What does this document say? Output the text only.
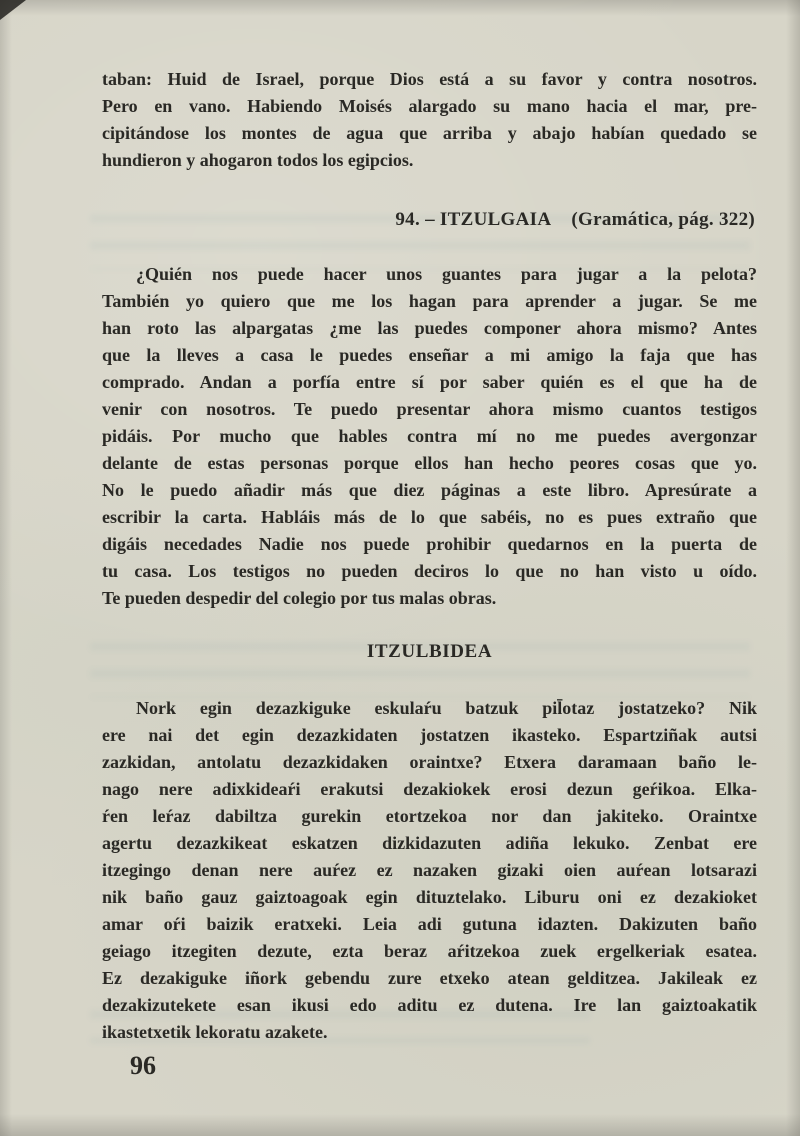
taban: Huid de Israel, porque Dios está a su favor y contra nosotros.
Pero en vano. Habiendo Moisés alargado su mano hacia el mar, pre-
cipitándose los montes de agua que arriba y abajo habían quedado se
hundieron y ahogaron todos los egipcios.
94. – ITZULGAIA (Gramática, pág. 322)
¿Quién nos puede hacer unos guantes para jugar a la pelota?
También yo quiero que me los hagan para aprender a jugar. Se me
han roto las alpargatas ¿me las puedes componer ahora mismo? Antes
que la lleves a casa le puedes enseñar a mi amigo la faja que has
comprado. Andan a porfía entre sí por saber quién es el que ha de
venir con nosotros. Te puedo presentar ahora mismo cuantos testigos
pidáis. Por mucho que hables contra mí no me puedes avergonzar
delante de estas personas porque ellos han hecho peores cosas que yo.
No le puedo añadir más que diez páginas a este libro. Apresúrate a
escribir la carta. Habláis más de lo que sabéis, no es pues extraño que
digáis necedades Nadie nos puede prohibir quedarnos en la puerta de
tu casa. Los testigos no pueden deciros lo que no han visto u oído.
Te pueden despedir del colegio por tus malas obras.
ITZULBIDEA
Nork egin dezazkiguke eskulaŕu batzuk pil̄otaz jostatzeko? Nik
ere nai det egin dezazkidaten jostatzen ikasteko. Espartziñak autsi
zazkidan, antolatu dezazkidaken oraintxe? Etxera daramaan baño le-
nago nere adixkideaŕi erakutsi dezakiokek erosi dezun geŕikoa. Elka-
ŕen leŕaz dabiltza gurekin etortzekoa nor dan jakiteko. Oraintxe
agertu dezazkikeat eskatzen dizkidazuten adiña lekuko. Zenbat ere
itzegingo denan nere auŕez ez nazaken gizaki oien auŕean lotsarazi
nik baño gauz gaiztoagoak egin dituztelako. Liburu oni ez dezakioket
amar oŕi baizik eratxeki. Leia adi gutuna idazten. Dakizuten baño
geiago itzegiten dezute, ezta beraz aŕitzekoa zuek ergelkeriak esatea.
Ez dezakiguke iñork gebendu zure etxeko atean gelditzea. Jakileak ez
dezakizutekete esan ikusi edo aditu ez dutena. Ire lan gaiztoakatik
ikastetxetik lekoratu azakete.
96
